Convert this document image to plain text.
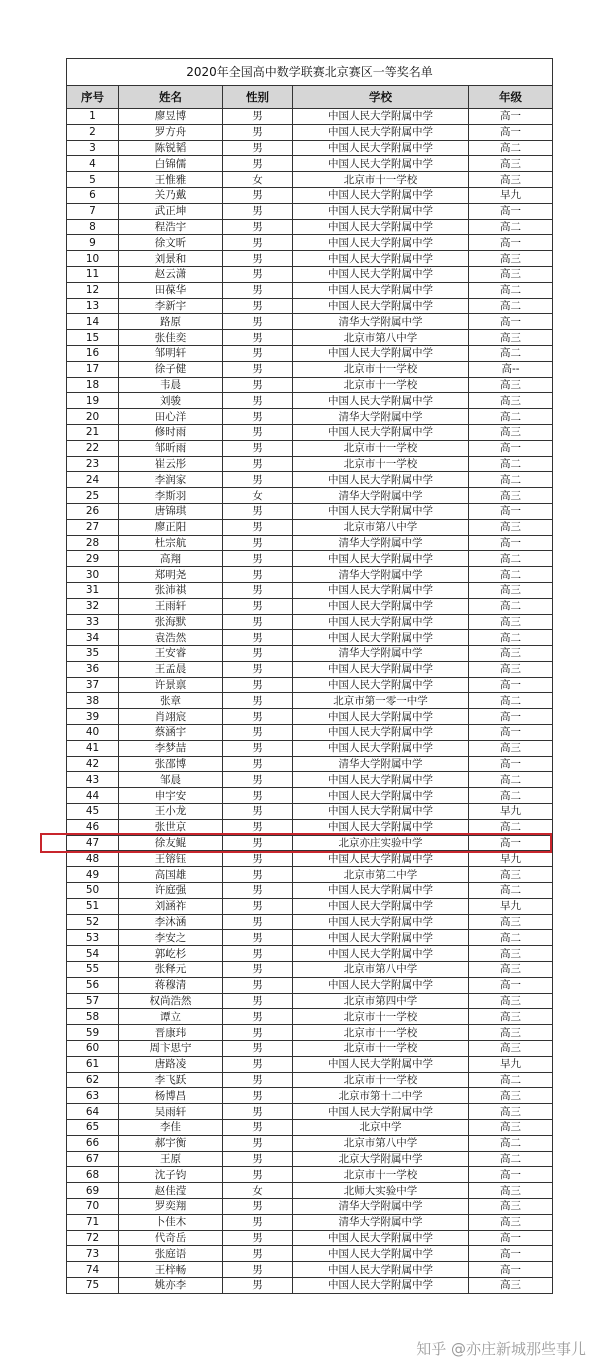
2020年全国高中数学联赛北京赛区一等奖名单				
序号	姓名	性别	学校	年级
1	廖昱博	男	中国人民大学附属中学	高一
2	罗方舟	男	中国人民大学附属中学	高一
3	陈锐韬	男	中国人民大学附属中学	高二
4	白锦儒	男	中国人民大学附属中学	高三
5	王惟雅	女	北京市十一学校	高三
6	关乃戴	男	中国人民大学附属中学	早九
7	武正坤	男	中国人民大学附属中学	高一
8	程浩宇	男	中国人民大学附属中学	高二
9	徐文昕	男	中国人民大学附属中学	高一
10	刘景和	男	中国人民大学附属中学	高三
11	赵云潇	男	中国人民大学附属中学	高三
12	田葆华	男	中国人民大学附属中学	高二
13	李新宇	男	中国人民大学附属中学	高二
14	路原	男	清华大学附属中学	高一
15	张佳奕	男	北京市第八中学	高三
16	邹明轩	男	中国人民大学附属中学	高二
17	徐子健	男	北京市十一学校	高--
18	韦晨	男	北京市十一学校	高三
19	刘骏	男	中国人民大学附属中学	高三
20	田心洋	男	清华大学附属中学	高二
21	修时雨	男	中国人民大学附属中学	高三
22	邹昕雨	男	北京市十一学校	高一
23	崔云彤	男	北京市十一学校	高二
24	李润家	男	中国人民大学附属中学	高二
25	李斯羽	女	清华大学附属中学	高三
26	唐锦琪	男	中国人民大学附属中学	高一
27	廖正阳	男	北京市第八中学	高三
28	杜宗航	男	清华大学附属中学	高一
29	高翔	男	中国人民大学附属中学	高二
30	郑明尧	男	清华大学附属中学	高二
31	张沛祺	男	中国人民大学附属中学	高三
32	王雨轩	男	中国人民大学附属中学	高二
33	张海默	男	中国人民大学附属中学	高三
34	袁浩然	男	中国人民大学附属中学	高二
35	王安睿	男	清华大学附属中学	高三
36	王孟晨	男	中国人民大学附属中学	高三
37	许景禀	男	中国人民大学附属中学	高一
38	张章	男	北京市第一零一中学	高二
39	肖翊宸	男	中国人民大学附属中学	高一
40	蔡涵宇	男	中国人民大学附属中学	高一
41	李梦喆	男	中国人民大学附属中学	高三
42	张邵博	男	清华大学附属中学	高一
43	邹晨	男	中国人民大学附属中学	高二
44	申宇安	男	中国人民大学附属中学	高二
45	王小龙	男	中国人民大学附属中学	早九
46	张世京	男	中国人民大学附属中学	高二
47	徐友鲲	男	北京亦庄实验中学	高一
48	王镕钰	男	中国人民大学附属中学	早九
49	高国雄	男	北京市第二中学	高三
50	许庭强	男	中国人民大学附属中学	高二
51	刘涵祚	男	中国人民大学附属中学	早九
52	李沐涵	男	中国人民大学附属中学	高三
53	李安之	男	中国人民大学附属中学	高二
54	郭屹杉	男	中国人民大学附属中学	高三
55	张释元	男	北京市第八中学	高三
56	蒋穆清	男	中国人民大学附属中学	高一
57	权尚浩然	男	北京市第四中学	高三
58	谭立	男	北京市十一学校	高三
59	晋康玮	男	北京市十一学校	高三
60	周卞思宁	男	北京市十一学校	高三
61	唐路凌	男	中国人民大学附属中学	早九
62	李飞跃	男	北京市十一学校	高二
63	杨博昌	男	北京市第十二中学	高三
64	吴雨轩	男	中国人民大学附属中学	高三
65	李佳	男	北京中学	高三
66	郝宇衡	男	北京市第八中学	高二
67	王原	男	北京大学附属中学	高二
68	沈子钧	男	北京市十一学校	高一
69	赵佳滢	女	北师大实验中学	高三
70	罗奕翔	男	清华大学附属中学	高三
71	卜佳木	男	清华大学附属中学	高三
72	代奇岳	男	中国人民大学附属中学	高一
73	张庭语	男	中国人民大学附属中学	高一
74	王梓畅	男	中国人民大学附属中学	高一
75	姚亦李	男	中国人民大学附属中学	高三
知乎 @亦庄新城那些事儿
